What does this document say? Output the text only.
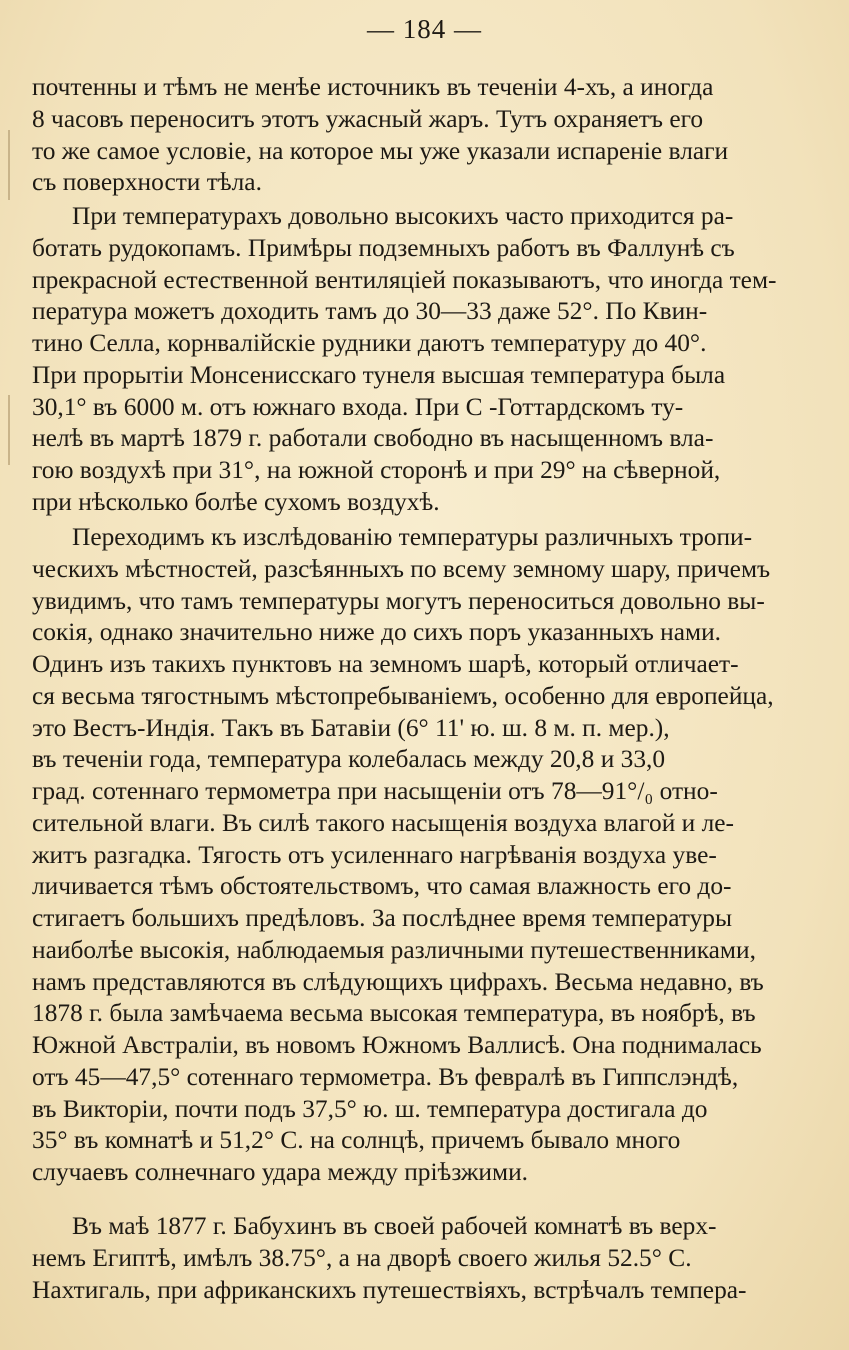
— 184 —
почтенны и тѣмъ не менѣе источникъ въ теченіи 4-хъ, а иногда
8 часовъ переноситъ этотъ ужасный жаръ. Тутъ охраняетъ его
то же самое условіе, на которое мы уже указали испареніе влаги
съ поверхности тѣла.
При температурахъ довольно высокихъ часто приходится ра-
ботать рудокопамъ. Примѣры подземныхъ работъ въ Фаллунѣ съ
прекрасной естественной вентиляціей показываютъ, что иногда тем-
пература можетъ доходить тамъ до 30—33 даже 52°. По Квин-
тино Селла, корнвалійскіе рудники даютъ температуру до 40°.
При прорытіи Монсенисскаго тунеля высшая температура была
30,1° въ 6000 м. отъ южнаго входа. При С -Готтардскомъ ту-
нелѣ въ мартѣ 1879 г. работали свободно въ насыщенномъ вла-
гою воздухѣ при 31°, на южной сторонѣ и при 29° на сѣверной,
при нѣсколько болѣе сухомъ воздухѣ.
Переходимъ къ изслѣдованію температуры различныхъ тропи-
ческихъ мѣстностей, разсѣянныхъ по всему земному шару, причемъ
увидимъ, что тамъ температуры могутъ переноситься довольно вы-
сокія, однако значительно ниже до сихъ поръ указанныхъ нами.
Одинъ изъ такихъ пунктовъ на земномъ шарѣ, который отличает-
ся весьма тягостнымъ мѣстопребываніемъ, особенно для европейца,
это Вестъ-Индія. Такъ въ Батавіи (6° 11' ю. ш. 8 м. п. мер.),
въ теченіи года, температура колебалась между 20,8 и 33,0
град. сотеннаго термометра при насыщеніи отъ 78—91°/₀ отно-
сительной влаги. Въ силѣ такого насыщенія воздуха влагой и ле-
житъ разгадка. Тягость отъ усиленнаго нагрѣванія воздуха уве-
личивается тѣмъ обстоятельствомъ, что самая влажность его до-
стигаетъ большихъ предѣловъ. За послѣднее время температуры
наиболѣе высокія, наблюдаемыя различными путешественниками,
намъ представляются въ слѣдующихъ цифрахъ. Весьма недавно, въ
1878 г. была замѣчаема весьма высокая температура, въ ноябрѣ, въ
Южной Австраліи, въ новомъ Южномъ Валлисѣ. Она поднималась
отъ 45—47,5° сотеннаго термометра. Въ февралѣ въ Гиппслэндѣ,
въ Викторіи, почти подъ 37,5° ю. ш. температура достигала до
35° въ комнатѣ и 51,2° С. на солнцѣ, причемъ бывало много
случаевъ солнечнаго удара между пріѣзжими.
Въ маѣ 1877 г. Бабухинъ въ своей рабочей комнатѣ въ верх-
немъ Египтѣ, имѣлъ 38.75°, а на дворѣ своего жилья 52.5° С.
Нахтигаль, при африканскихъ путешествіяхъ, встрѣчалъ темпера-
